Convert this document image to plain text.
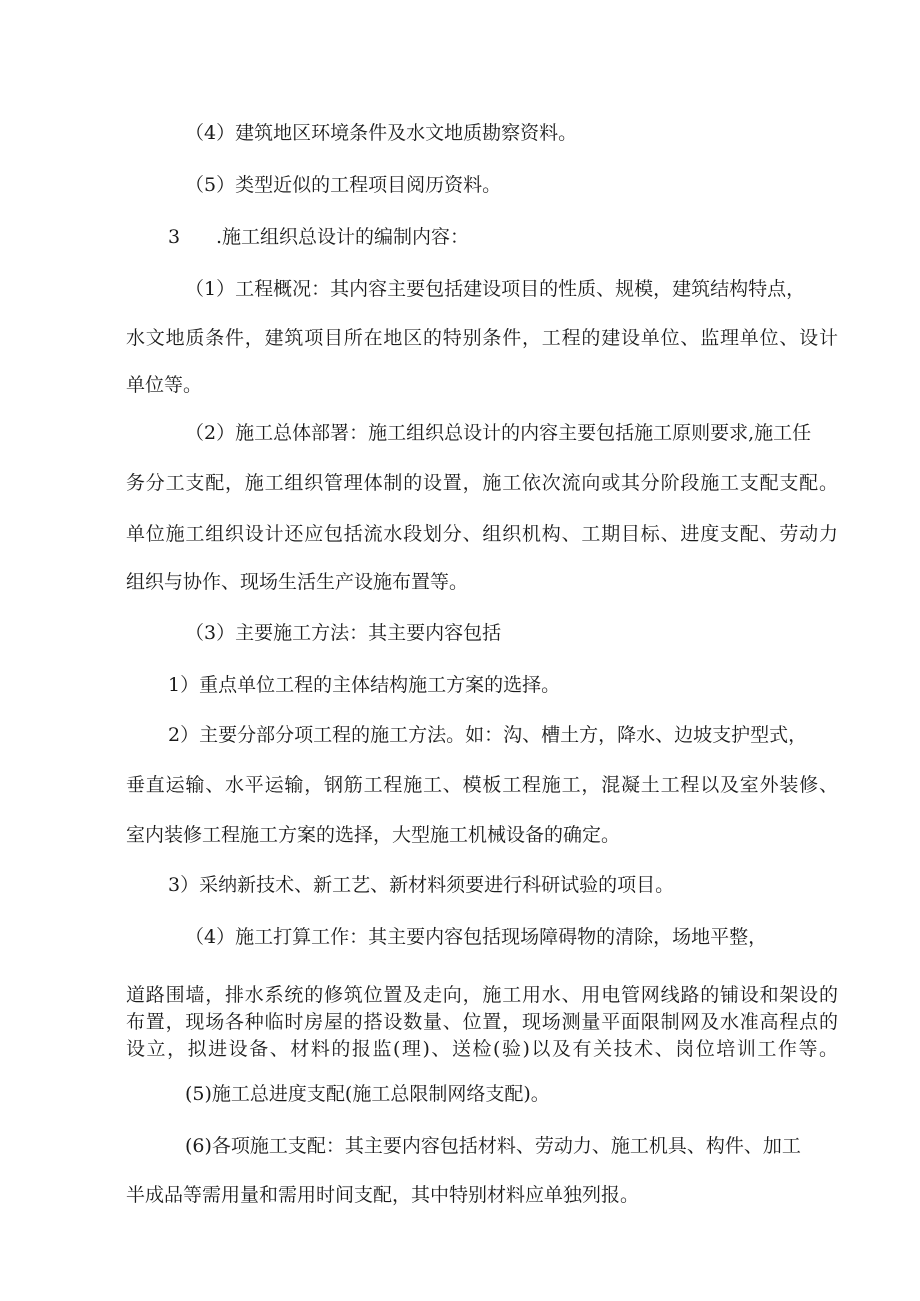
（4）建筑地区环境条件及水文地质勘察资料。
（5）类型近似的工程项目阅历资料。
3 .施工组织总设计的编制内容：
（1）工程概况：其内容主要包括建设项目的性质、规模，建筑结构特点，
水文地质条件，建筑项目所在地区的特别条件，工程的建设单位、监理单位、设计
单位等。
（2）施工总体部署：施工组织总设计的内容主要包括施工原则要求,施工任
务分工支配，施工组织管理体制的设置，施工依次流向或其分阶段施工支配支配。
单位施工组织设计还应包括流水段划分、组织机构、工期目标、进度支配、劳动力
组织与协作、现场生活生产设施布置等。
（3）主要施工方法：其主要内容包括
1）重点单位工程的主体结构施工方案的选择。
2）主要分部分项工程的施工方法。如：沟、槽土方，降水、边坡支护型式，
垂直运输、水平运输，钢筋工程施工、模板工程施工，混凝土工程以及室外装修、
室内装修工程施工方案的选择，大型施工机械设备的确定。
3）采纳新技术、新工艺、新材料须要进行科研试验的项目。
（4）施工打算工作：其主要内容包括现场障碍物的清除，场地平整，
道路围墙，排水系统的修筑位置及走向，施工用水、用电管网线路的铺设和架设的
布置，现场各种临时房屋的搭设数量、位置，现场测量平面限制网及水准高程点的
设立，拟进设备、材料的报监(理)、送检(验)以及有关技术、岗位培训工作等。
(5)施工总进度支配(施工总限制网络支配)。
(6)各项施工支配：其主要内容包括材料、劳动力、施工机具、构件、加工
半成品等需用量和需用时间支配，其中特别材料应单独列报。
